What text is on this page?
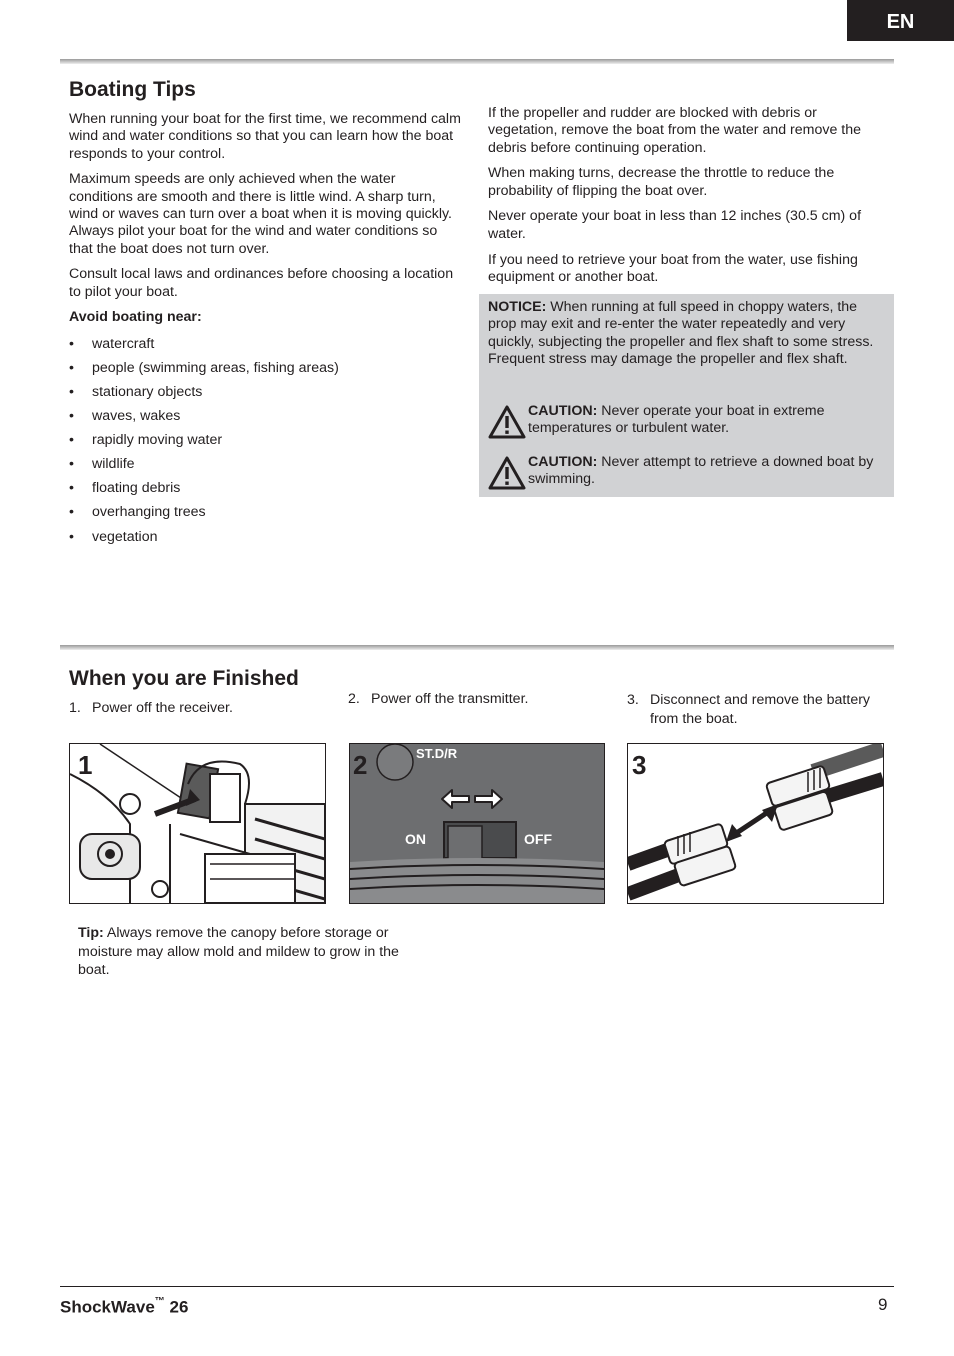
EN
Boating Tips

When running your boat for the first time, we recommend calm wind and water conditions so that you can learn how the boat responds to your control.

Maximum speeds are only achieved when the water conditions are smooth and there is little wind. A sharp turn, wind or waves can turn over a boat when it is moving quickly. Always pilot your boat for the wind and water conditions so that the boat does not turn over.

Consult local laws and ordinances before choosing a location to pilot your boat.

Avoid boating near:

• watercraft
• people (swimming areas, fishing areas)
• stationary objects
• waves, wakes
• rapidly moving water
• wildlife
• floating debris
• overhanging trees
• vegetation

If the propeller and rudder are blocked with debris or vegetation, remove the boat from the water and remove the debris before continuing operation.

When making turns, decrease the throttle to reduce the probability of flipping the boat over.

Never operate your boat in less than 12 inches (30.5 cm) of water.

If you need to retrieve your boat from the water, use fishing equipment or another boat.

NOTICE: When running at full speed in choppy waters, the prop may exit and re-enter the water repeatedly and very quickly, subjecting the propeller and flex shaft to some stress. Frequent stress may damage the propeller and flex shaft.
CAUTION: Never operate your boat in extreme temperatures or turbulent water.
CAUTION: Never attempt to retrieve a downed boat by swimming.
When you are Finished
1. Power off the receiver.
2. Power off the transmitter.	3. Disconnect and remove the battery from the boat.
1	2	ST.D/R
ON	OFF
3
Tip: Always remove the canopy before storage or moisture may allow mold and mildew to grow in the boat.
ShockWave™ 26	9
